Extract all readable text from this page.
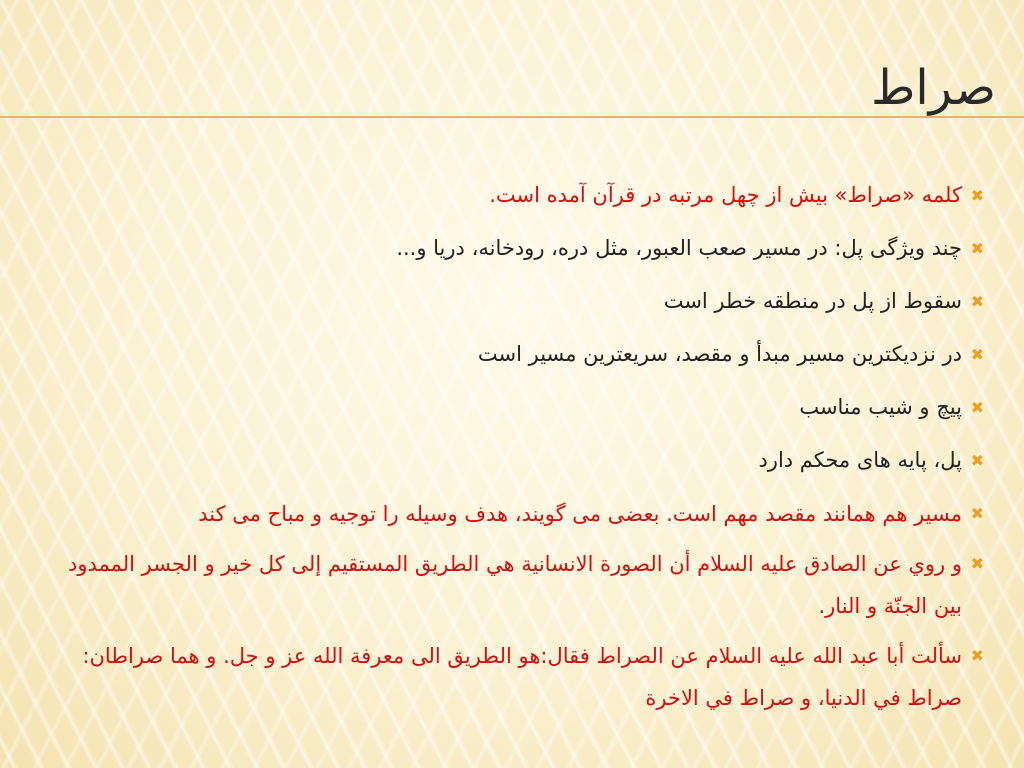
صراط
✖
کلمه «صراط» بیش از چهل مرتبه در قرآن آمده است.
✖
چند ویژگی پل: در مسیر صعب العبور، مثل دره، رودخانه، دریا و...
✖
سقوط از پل در منطقه خطر است
✖
در نزدیکترین مسیر مبدأ و مقصد، سریعترین مسیر است
✖
پیچ و شیب مناسب
✖
پل، پایه های محکم دارد
✖
مسیر هم همانند مقصد مهم است. بعضی می گویند، هدف وسیله را توجیه و مباح می کند
✖
و روي عن الصادق عليه السلام أن الصورة الانسانية هي الطريق المستقيم إلى كل خير و الجسر الممدود بين الجنّة و النار.
✖
سألت أبا عبد الله عليه السلام عن الصراط فقال:هو الطريق الى معرفة الله عز و جل. و هما صراطان: صراط في الدنيا، و صراط في الاخرة
